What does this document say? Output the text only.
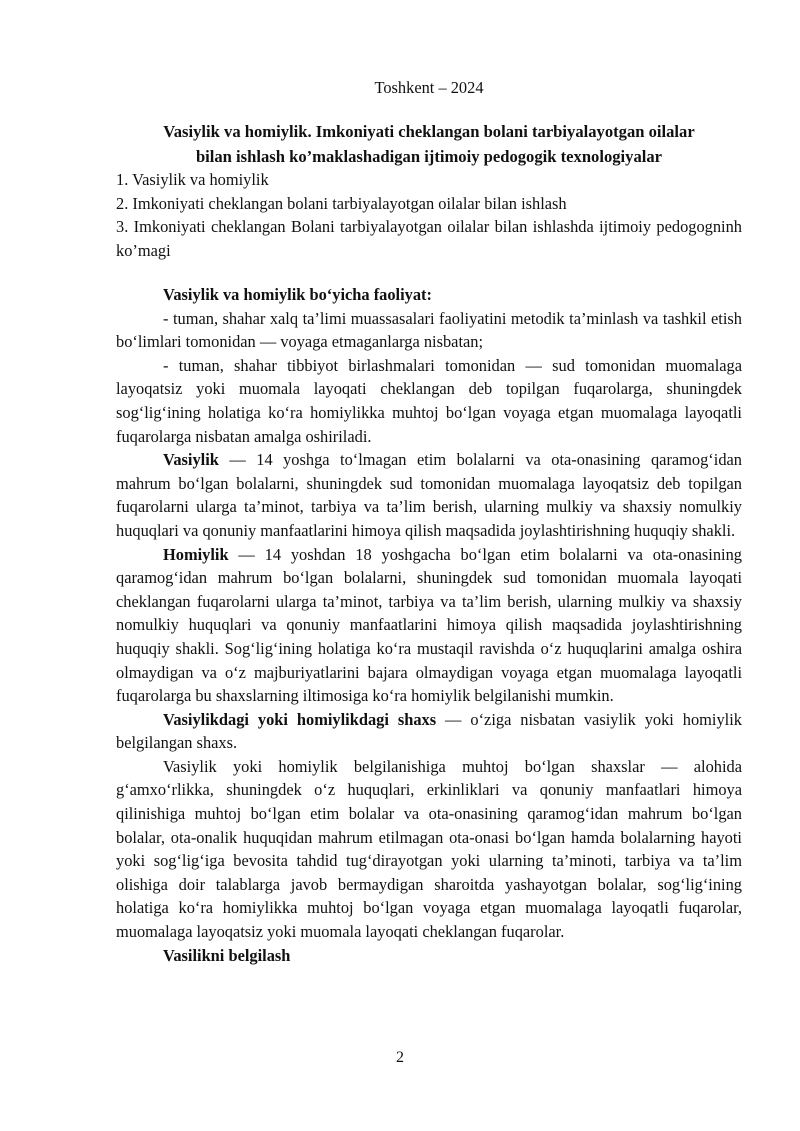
Toshkent – 2024
Vasiylik va homiylik. Imkoniyati cheklangan bolani tarbiyalayotgan oilalar
bilan ishlash ko’maklashadigan ijtimoiy pedogogik texnologiyalar

1. Vasiylik va homiylik

2. Imkoniyati cheklangan bolani tarbiyalayotgan oilalar bilan ishlash

3. Imkoniyati cheklangan Bolani tarbiyalayotgan oilalar bilan ishlashda ijtimoiy pedogogninh ko’magi

Vasiylik va homiylik bo‘yicha faoliyat:

- tuman, shahar xalq ta’limi muassasalari faoliyatini metodik ta’minlash va tashkil etish bo‘limlari tomonidan — voyaga etmaganlarga nisbatan;

- tuman, shahar tibbiyot birlashmalari tomonidan — sud tomonidan muomalaga layoqatsiz yoki muomala layoqati cheklangan deb topilgan fuqarolarga, shuningdek sog‘lig‘ining holatiga ko‘ra homiylikka muhtoj bo‘lgan voyaga etgan muomalaga layoqatli fuqarolarga nisbatan amalga oshiriladi.

Vasiylik — 14 yoshga to‘lmagan etim bolalarni va ota-onasining qaramog‘idan mahrum bo‘lgan bolalarni, shuningdek sud tomonidan muomalaga layoqatsiz deb topilgan fuqarolarni ularga ta’minot, tarbiya va ta’lim berish, ularning mulkiy va shaxsiy nomulkiy huquqlari va qonuniy manfaatlarini himoya qilish maqsadida joylashtirishning huquqiy shakli.

Homiylik — 14 yoshdan 18 yoshgacha bo‘lgan etim bolalarni va ota-onasining qaramog‘idan mahrum bo‘lgan bolalarni, shuningdek sud tomonidan muomala layoqati cheklangan fuqarolarni ularga ta’minot, tarbiya va ta’lim berish, ularning mulkiy va shaxsiy nomulkiy huquqlari va qonuniy manfaatlarini himoya qilish maqsadida joylashtirishning huquqiy shakli. Sog‘lig‘ining holatiga ko‘ra mustaqil ravishda o‘z huquqlarini amalga oshira olmaydigan va o‘z majburiyatlarini bajara olmaydigan voyaga etgan muomalaga layoqatli fuqarolarga bu shaxslarning iltimosiga ko‘ra homiylik belgilanishi mumkin.

Vasiylikdagi yoki homiylikdagi shaxs — o‘ziga nisbatan vasiylik yoki homiylik belgilangan shaxs.

Vasiylik yoki homiylik belgilanishiga muhtoj bo‘lgan shaxslar — alohida g‘amxo‘rlikka, shuningdek o‘z huquqlari, erkinliklari va qonuniy manfaatlari himoya qilinishiga muhtoj bo‘lgan etim bolalar va ota-onasining qaramog‘idan mahrum bo‘lgan bolalar, ota-onalik huquqidan mahrum etilmagan ota-onasi bo‘lgan hamda bolalarning hayoti yoki sog‘lig‘iga bevosita tahdid tug‘dirayotgan yoki ularning ta’minoti, tarbiya va ta’lim olishiga doir talablarga javob bermaydigan sharoitda yashayotgan bolalar, sog‘lig‘ining holatiga ko‘ra homiylikka muhtoj bo‘lgan voyaga etgan muomalaga layoqatli fuqarolar, muomalaga layoqatsiz yoki muomala layoqati cheklangan fuqarolar.

Vasilikni belgilash

2
